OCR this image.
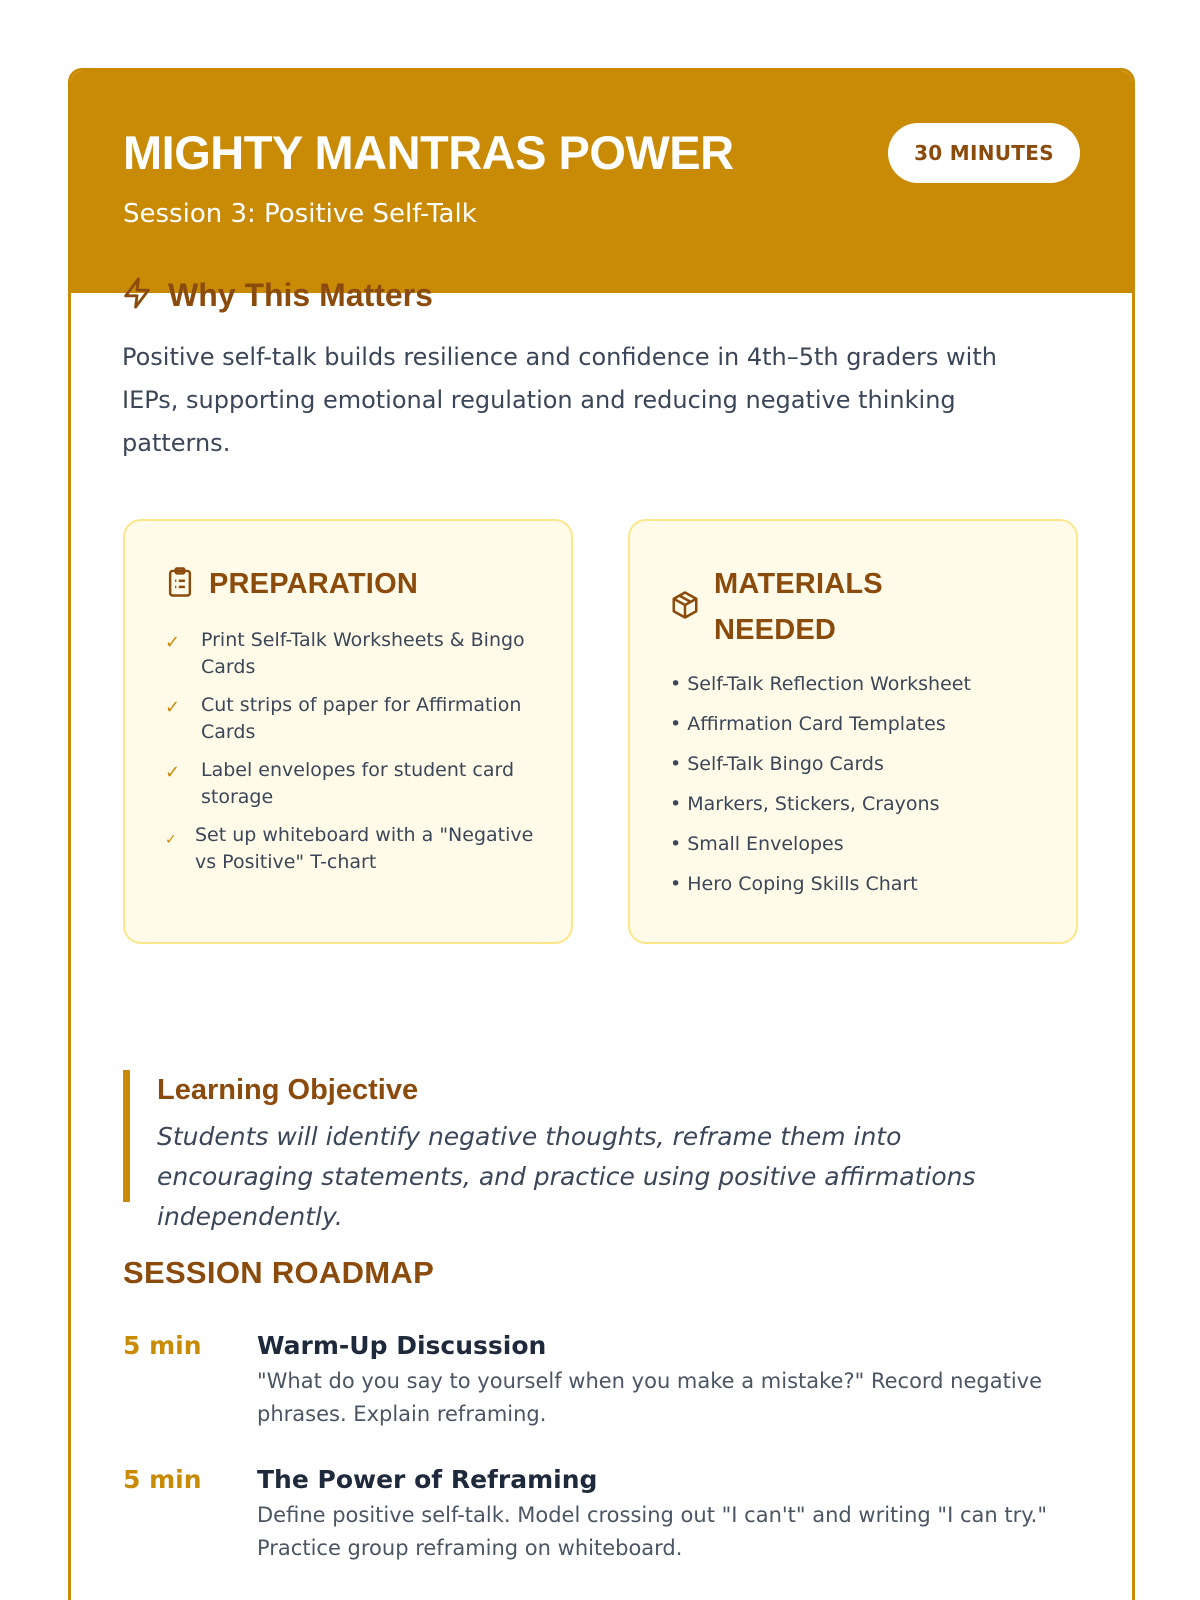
MIGHTY MANTRAS POWER
Session 3: Positive Self-Talk
30 MINUTES
Why This Matters

Positive self-talk builds resilience and confidence in 4th–5th graders with IEPs, supporting emotional regulation and reducing negative thinking patterns.

PREPARATION
✓	Print Self-Talk Worksheets & Bingo Cards
✓	Cut strips of paper for Affirmation Cards
✓	Label envelopes for student card storage
✓ Set up whiteboard with a "Negative vs Positive" T-chart
MATERIALS NEEDED
• Self-Talk Reflection Worksheet
• Affirmation Card Templates
• Self-Talk Bingo Cards
• Markers, Stickers, Crayons
• Small Envelopes
• Hero Coping Skills Chart
Learning Objective

Students will identify negative thoughts, reframe them into encouraging statements, and practice using positive affirmations independently.

SESSION ROADMAP
5 min	Warm-Up Discussion

"What do you say to yourself when you make a mistake?" Record negative phrases. Explain reframing.

5 min	The Power of Reframing

Define positive self-talk. Model crossing out "I can't" and writing "I can try." Practice group reframing on whiteboard.
